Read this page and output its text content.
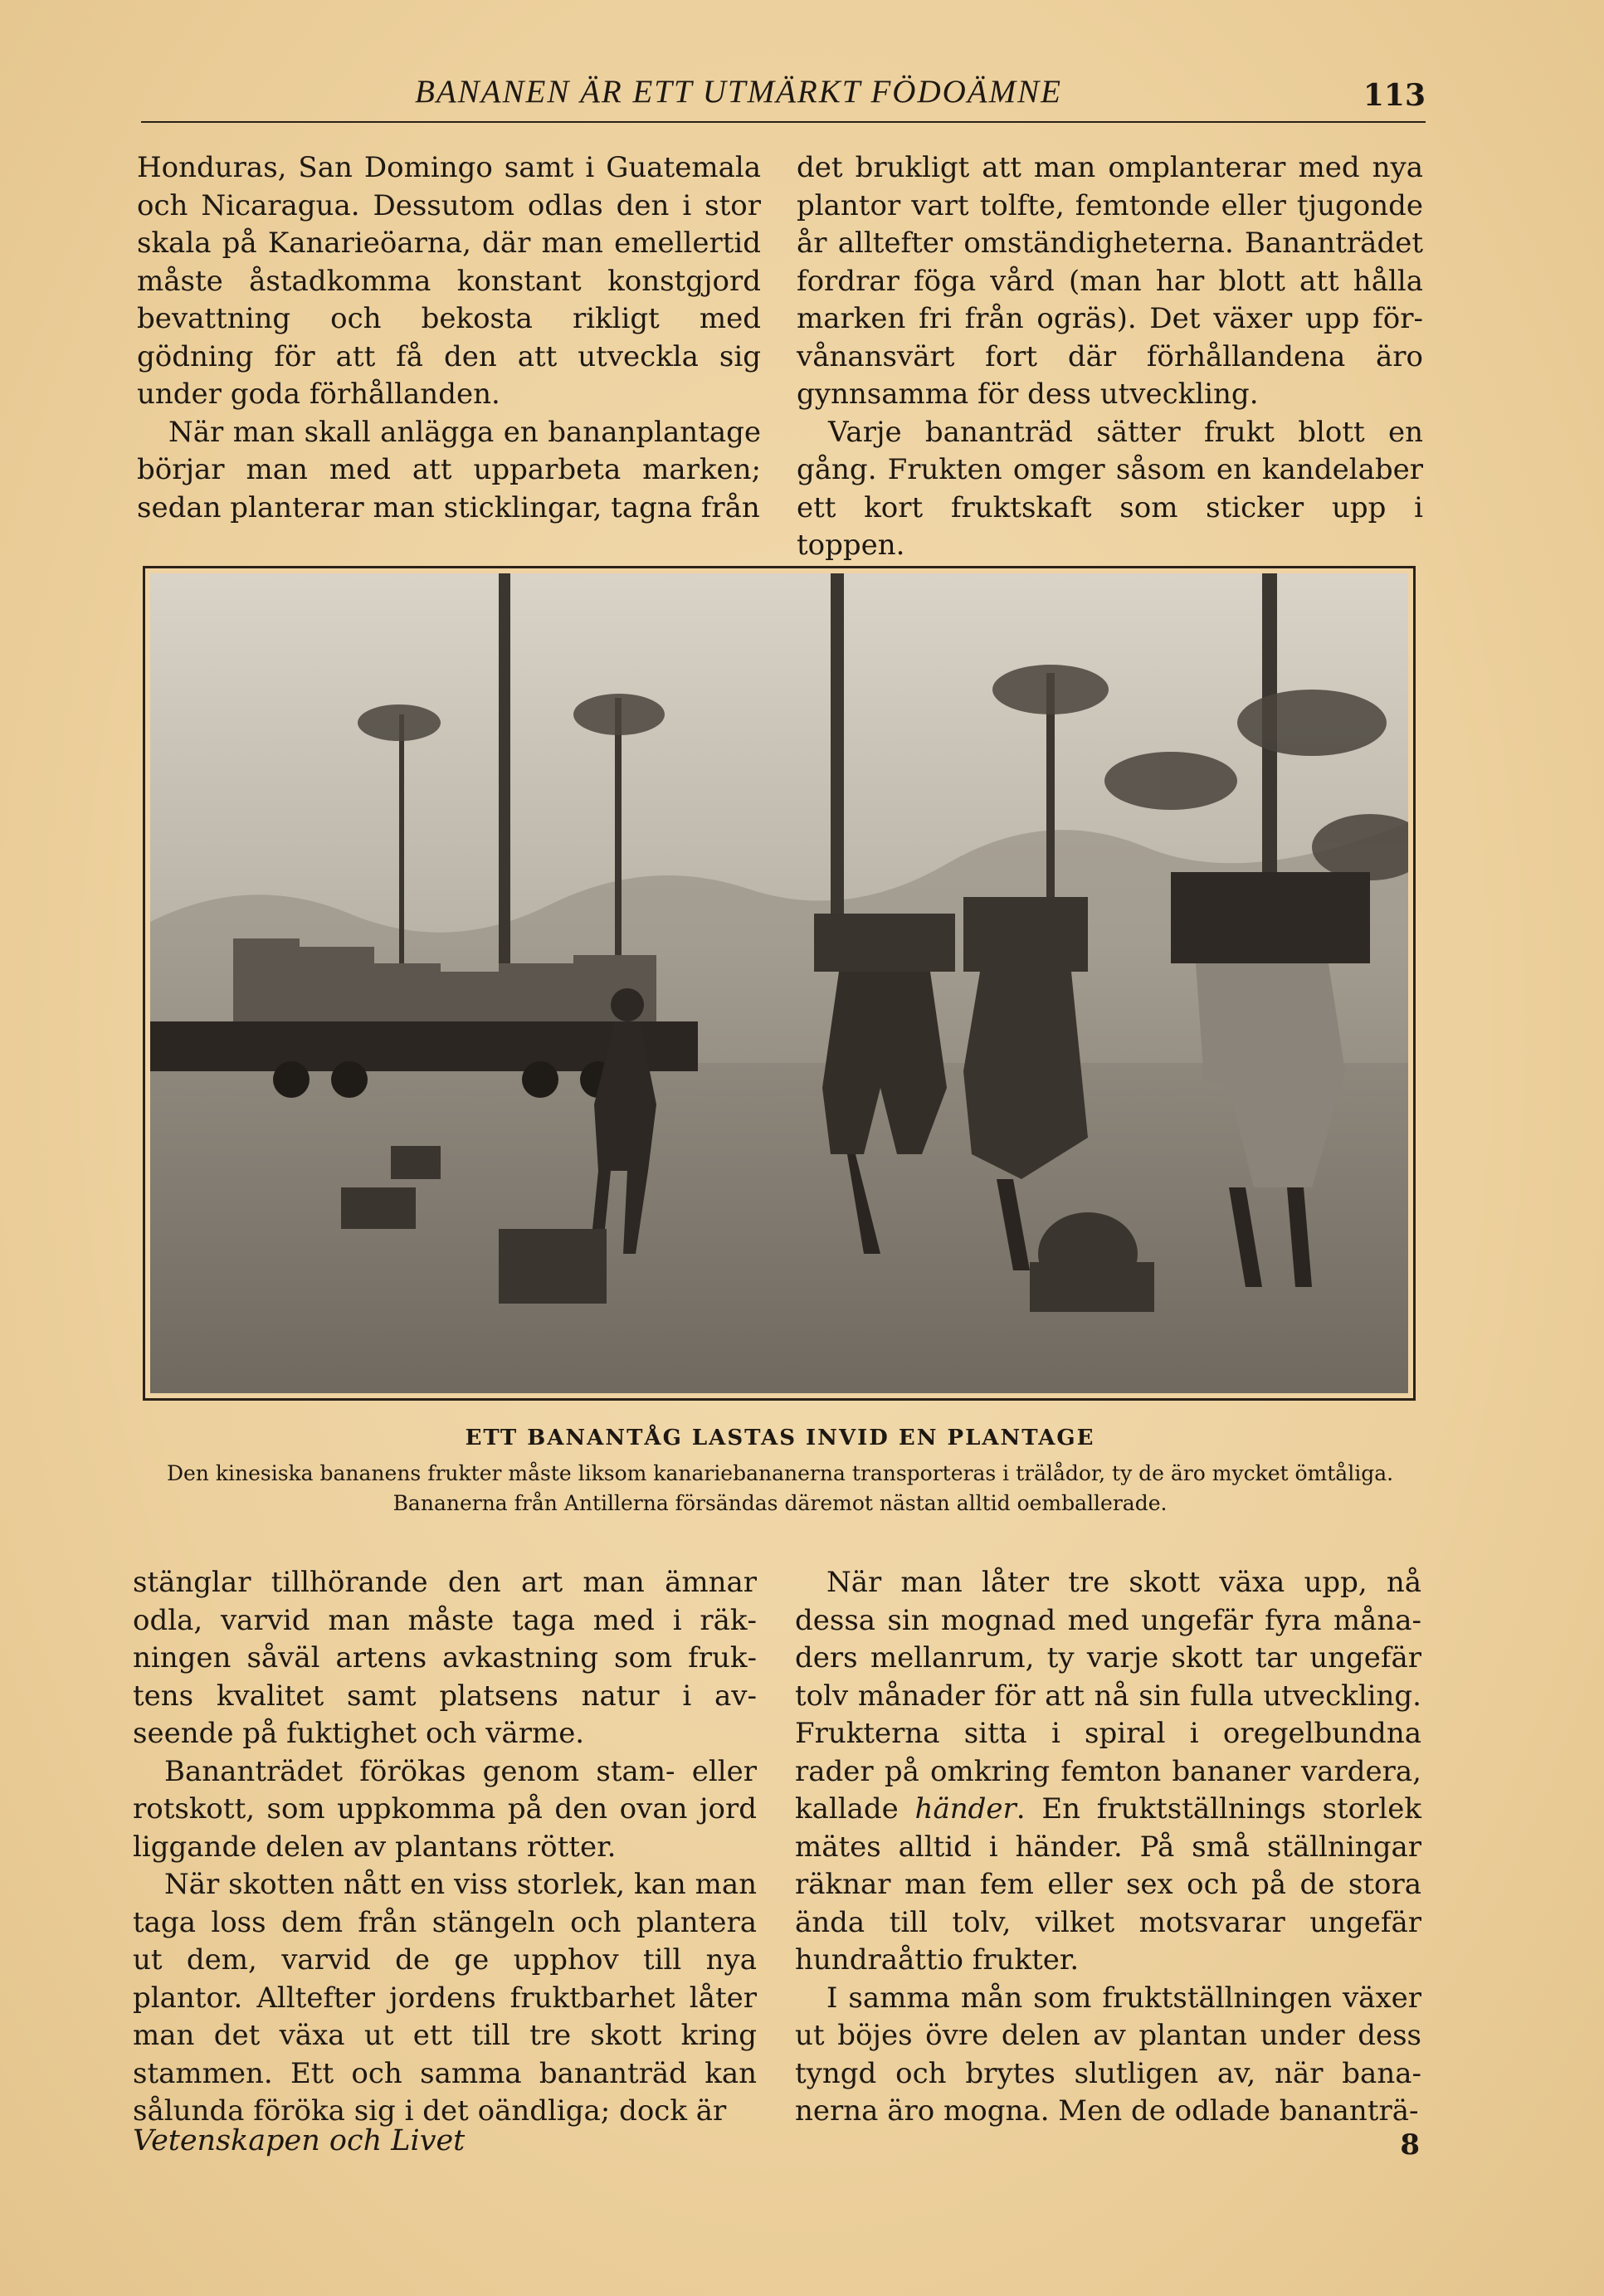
BANANEN ÄR ETT UTMÄRKT FÖDOÄMNE	113

Honduras, San Domingo samt i Guatemala och Nicaragua. Dessutom odlas den i stor skala på Kanarieöarna, där man emellertid måste åstadkomma konstant konstgjord bevattning och bekosta rikligt med gödning för att få den att utveckla sig under goda förhållanden.

När man skall anlägga en bananplantage börjar man med att upparbeta marken; sedan planterar man sticklingar, tagna från

det brukligt att man omplanterar med nya plantor vart tolfte, femtonde eller tjugonde år alltefter omständigheterna. Bananträdet fordrar föga vård (man har blott att hålla marken fri från ogräs). Det växer upp förvånansvärt fort där förhållandena äro gynnsamma för dess utveckling.

Varje bananträd sätter frukt blott en gång. Frukten omger såsom en kandelaber ett kort fruktskaft som sticker upp i toppen.

ETT BANANTÅG LASTAS INVID EN PLANTAGE
Den kinesiska bananens frukter måste liksom kanariebananerna transporteras i trälådor, ty de äro mycket ömtåliga. Bananerna från Antillerna försändas däremot nästan alltid oemballerade.

stänglar tillhörande den art man ämnar odla, varvid man måste taga med i räkningen såväl artens avkastning som fruktens kvalitet samt platsens natur i avseende på fuktighet och värme.

Bananträdet förökas genom stam- eller rotskott, som uppkomma på den ovan jord liggande delen av plantans rötter.

När skotten nått en viss storlek, kan man taga loss dem från stängeln och plantera ut dem, varvid de ge upphov till nya plantor. Alltefter jordens fruktbarhet låter man det växa ut ett till tre skott kring stammen. Ett och samma bananträd kan sålunda föröka sig i det oändliga; dock är

När man låter tre skott växa upp, nå dessa sin mognad med ungefär fyra månaders mellanrum, ty varje skott tar ungefär tolv månader för att nå sin fulla utveckling. Frukterna sitta i spiral i oregelbundna rader på omkring femton bananer vardera, kallade händer. En fruktställnings storlek mätes alltid i händer. På små ställningar räknar man fem eller sex och på de stora ända till tolv, vilket motsvarar ungefär hundraåttio frukter.

I samma mån som fruktställningen växer ut böjes övre delen av plantan under dess tyngd och brytes slutligen av, när bananerna äro mogna. Men de odlade bananträ-

Vetenskapen och Livet	8
